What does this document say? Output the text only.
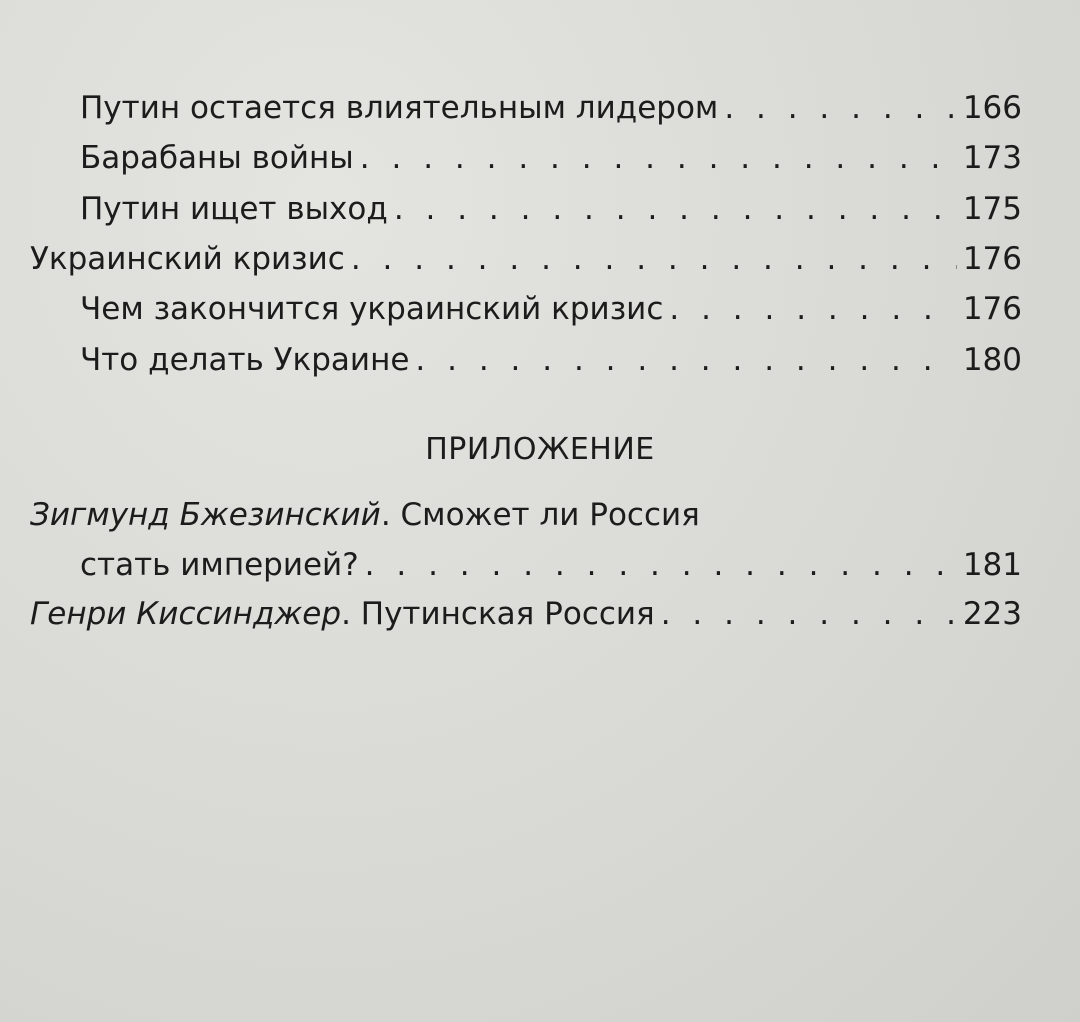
Путин остается влиятельным лидером . . .	166
Барабаны войны . . .	173
Путин ищет выход . . .	175
Украинский кризис . . .	176
Чем закончится украинский кризис . . .	176
Что делать Украине . . .	180
ПРИЛОЖЕНИЕ
Зигмунд Бжезинский. Сможет ли Россия
стать империей? . . .	181
Генри Киссинджер. Путинская Россия . . .	223
